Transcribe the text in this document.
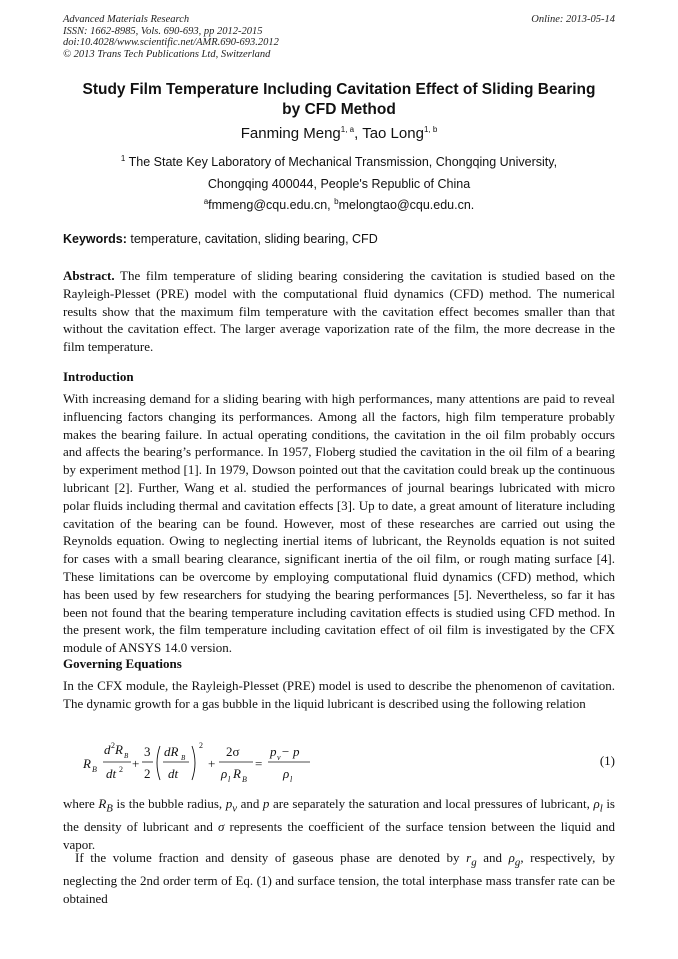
Advanced Materials Research
ISSN: 1662-8985, Vols. 690-693, pp 2012-2015
doi:10.4028/www.scientific.net/AMR.690-693.2012
© 2013 Trans Tech Publications Ltd, Switzerland
Online: 2013-05-14
Study Film Temperature Including Cavitation Effect of Sliding Bearing
by CFD Method
Fanming Meng$^{1, a}$, Tao Long$^{1, b}$
$^1$ The State Key Laboratory of Mechanical Transmission, Chongqing University,
Chongqing 400044, People's Republic of China
$^a$fmmeng@cqu.edu.cn, $^b$melongtao@cqu.edu.cn.
Keywords: temperature, cavitation, sliding bearing, CFD
Abstract. The film temperature of sliding bearing considering the cavitation is studied based on the Rayleigh-Plesset (PRE) model with the computational fluid dynamics (CFD) method. The numerical results show that the maximum film temperature with the cavitation effect becomes smaller than that without the cavitation effect. The larger average vaporization rate of the film, the more decrease in the film temperature.
Introduction
With increasing demand for a sliding bearing with high performances, many attentions are paid to reveal influencing factors changing its performances. Among all the factors, high film temperature probably makes the bearing failure. In actual operating conditions, the cavitation in the oil film probably occurs and affects the bearing’s performance. In 1957, Floberg studied the cavitation in the oil film of a bearing by experiment method [1]. In 1979, Dowson pointed out that the cavitation could break up the continuous lubricant [2]. Further, Wang et al. studied the performances of journal bearings lubricated with micro polar fluids including thermal and cavitation effects [3]. Up to date, a great amount of literature including cavitation of the bearing can be found. However, most of these researches are carried out using the Reynolds equation. Owing to neglecting inertial items of lubricant, the Reynolds equation is not suited for cases with a small bearing clearance, significant inertia of the oil film, or rough mating surface [4]. These limitations can be overcome by employing computational fluid dynamics (CFD) method, which has been used by few researchers for studying the bearing performances [5]. Nevertheless, so far it has been not found that the bearing temperature including cavitation effects is studied using CFD method. In the present work, the film temperature including cavitation effect of oil film is investigated by the CFX module of ANSYS 14.0 version.
Governing Equations
In the CFX module, the Rayleigh-Plesset (PRE) model is used to describe the phenomenon of cavitation. The dynamic growth for a gas bubble in the liquid lubricant is described using the following relation
R B
d 2 R B
dt 2 +
3
2
dR B
dt
2
+
2σ
ρ l R B
=
p v − p
ρ l
(1)
where $R_B$ is the bubble radius, $p_v$ and p are separately the saturation and local pressures of lubricant, $\rho_l$ is the density of lubricant and σ represents the coefficient of the surface tension between the liquid and vapor.
If the volume fraction and density of gaseous phase are denoted by $r_g$ and $\rho_g$, respectively, by neglecting the 2nd order term of Eq. (1) and surface tension, the total interphase mass transfer rate can be obtained
